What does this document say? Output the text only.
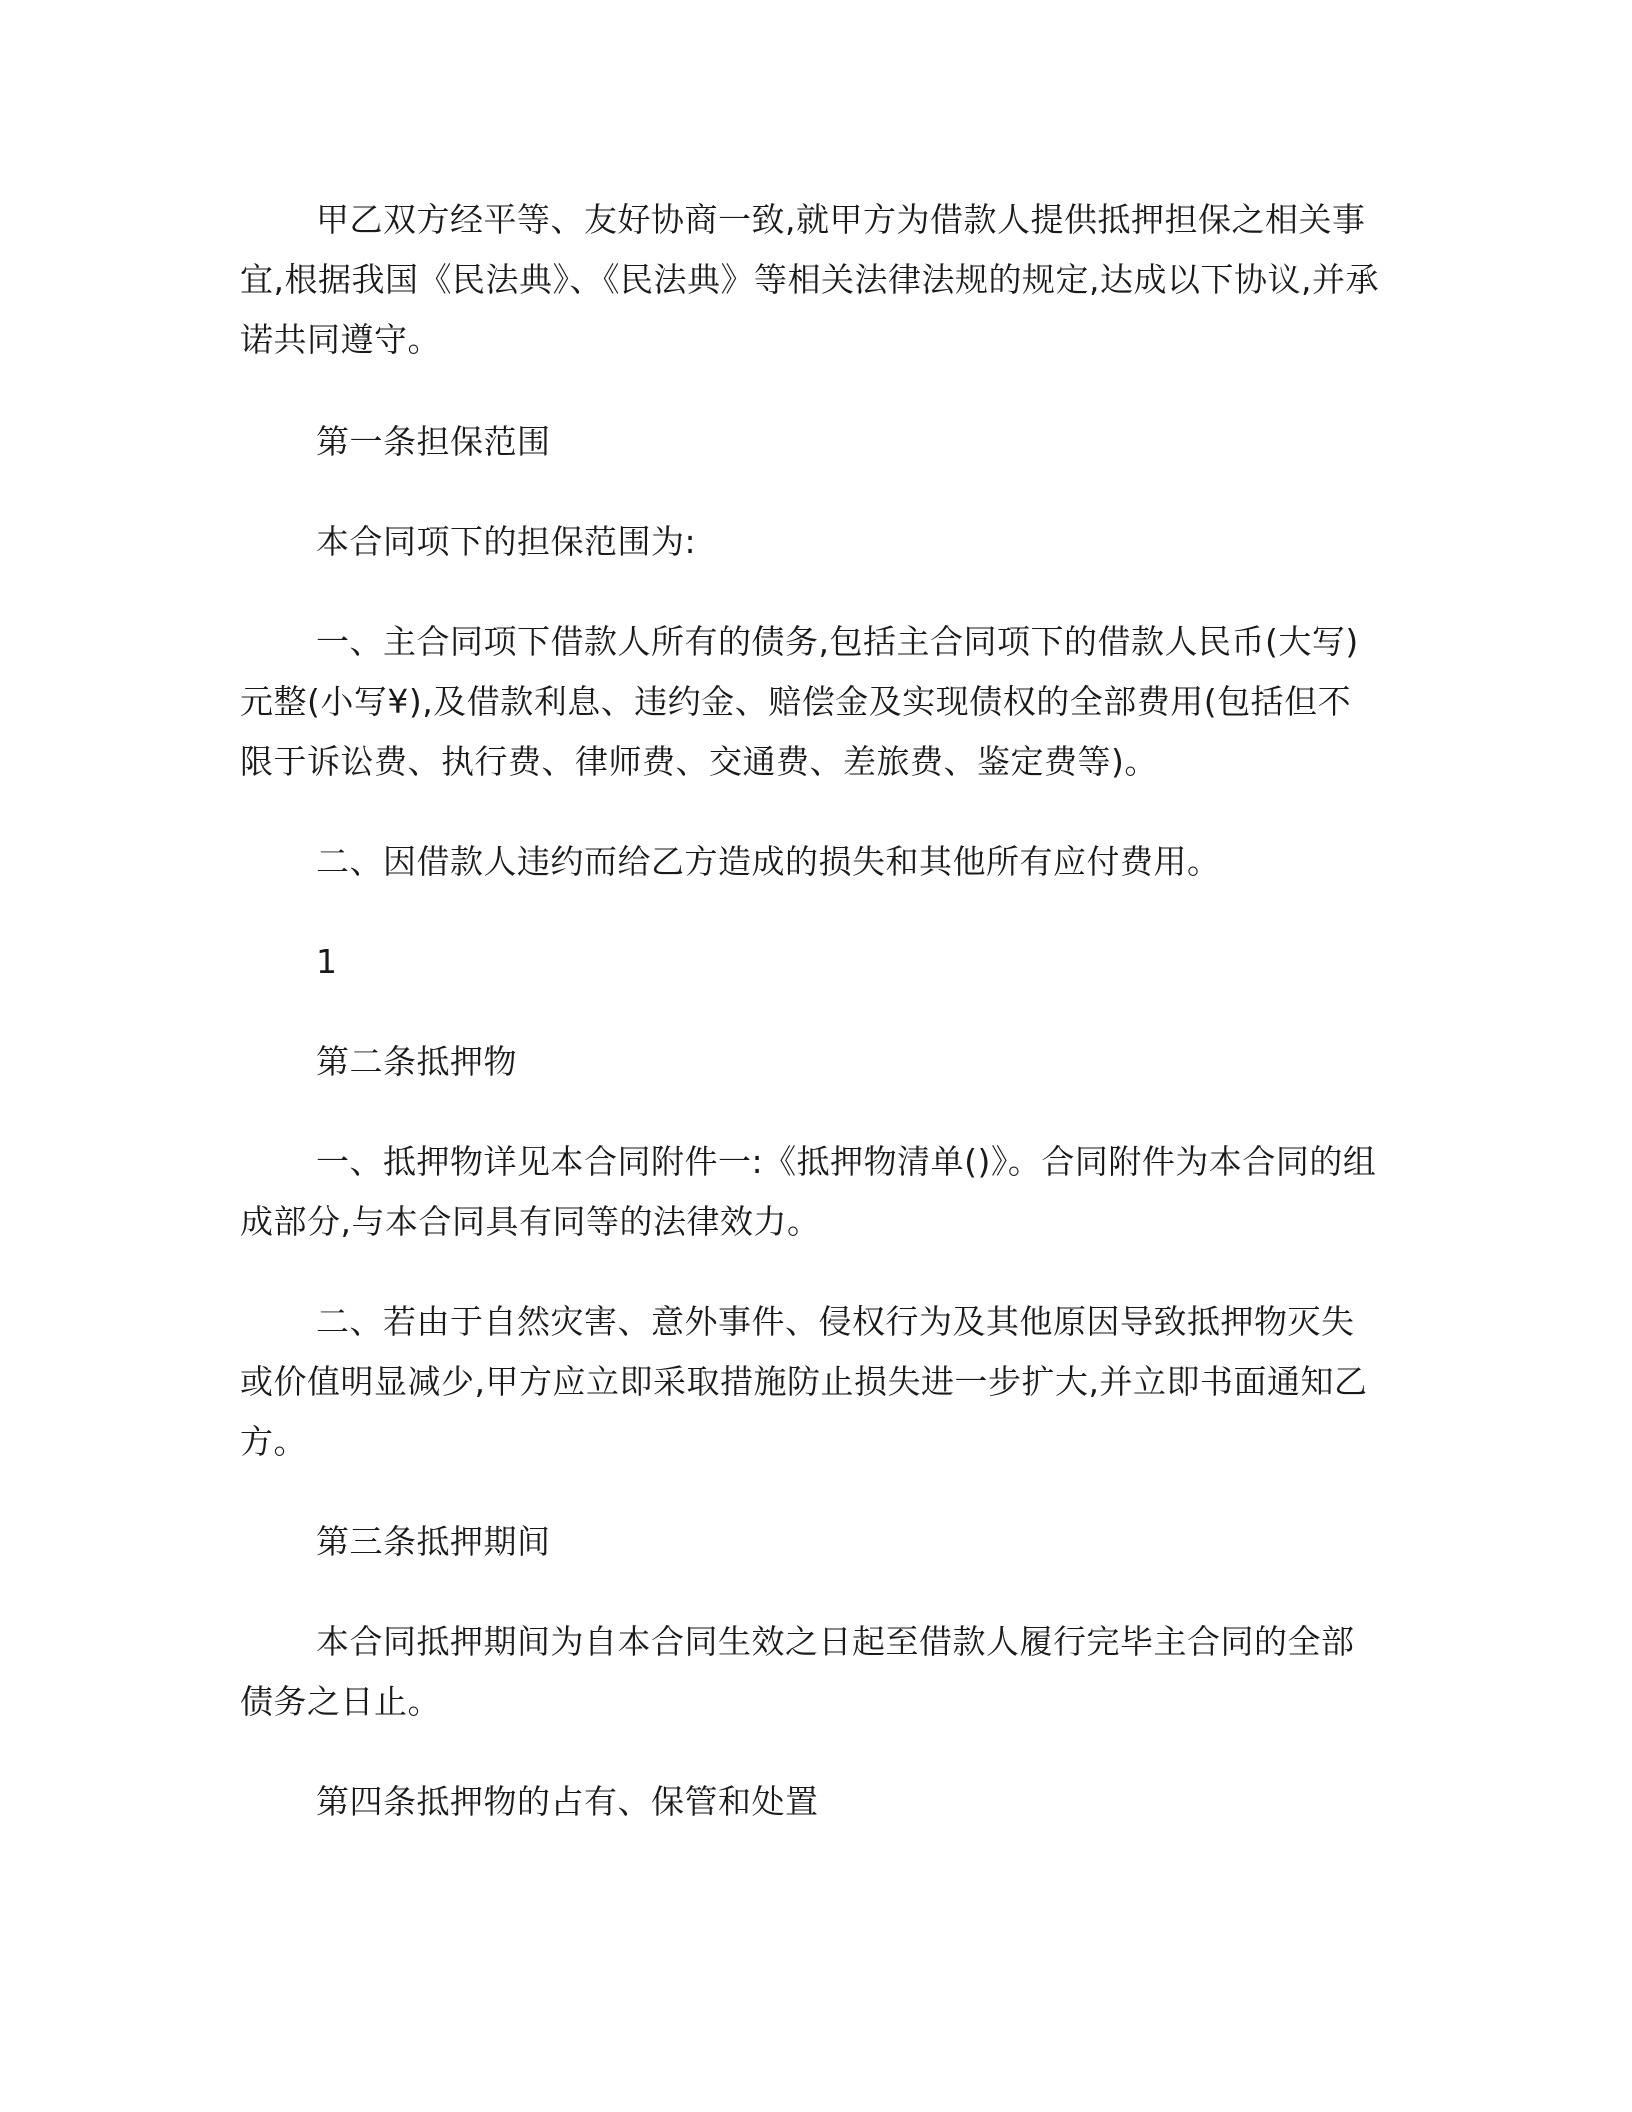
甲乙双方经平等、友好协商一致,就甲方为借款人提供抵押担保之相关事宜,根据我国《民法典》、《民法典》等相关法律法规的规定,达成以下协议,并承诺共同遵守。

第一条担保范围

本合同项下的担保范围为:

一、主合同项下借款人所有的债务,包括主合同项下的借款人民币(大写) 元整(小写¥),及借款利息、违约金、赔偿金及实现债权的全部费用(包括但不限于诉讼费、执行费、律师费、交通费、差旅费、鉴定费等)。

二、因借款人违约而给乙方造成的损失和其他所有应付费用。

1

第二条抵押物

一、抵押物详见本合同附件一:《抵押物清单()》。合同附件为本合同的组成部分,与本合同具有同等的法律效力。

二、若由于自然灾害、意外事件、侵权行为及其他原因导致抵押物灭失或价值明显减少,甲方应立即采取措施防止损失进一步扩大,并立即书面通知乙方。

第三条抵押期间

本合同抵押期间为自本合同生效之日起至借款人履行完毕主合同的全部债务之日止。

第四条抵押物的占有、保管和处置
